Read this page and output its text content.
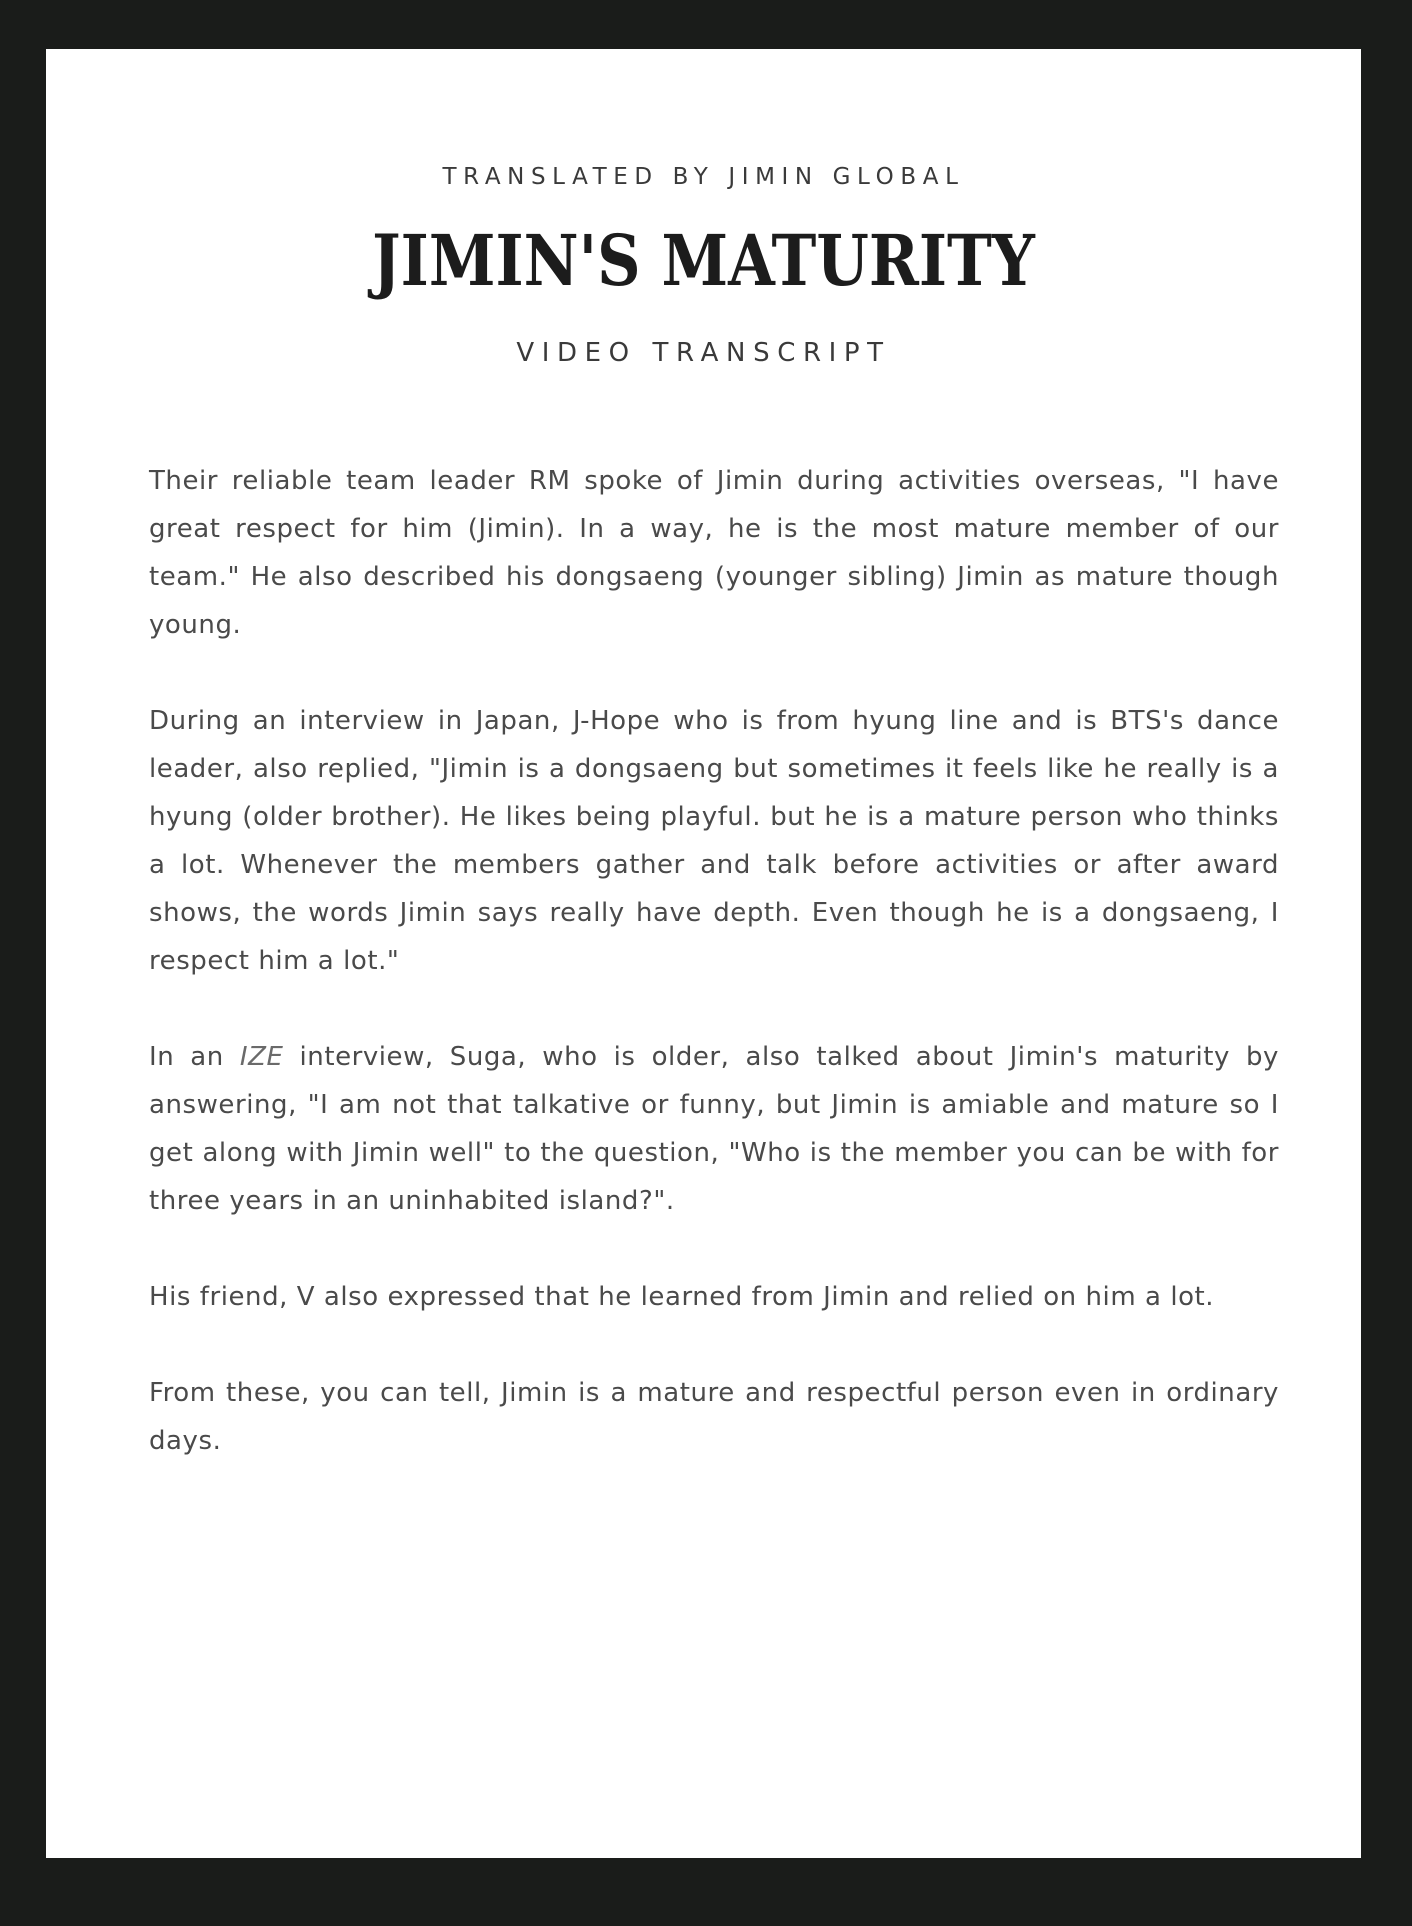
TRANSLATED BY JIMIN GLOBAL

JIMIN'S MATURITY

VIDEO TRANSCRIPT

Their reliable team leader RM spoke of Jimin during activities overseas, "I have great respect for him (Jimin). In a way, he is the most mature member of our team." He also described his dongsaeng (younger sibling) Jimin as mature though young.

During an interview in Japan, J-Hope who is from hyung line and is BTS's dance leader, also replied, "Jimin is a dongsaeng but sometimes it feels like he really is a hyung (older brother). He likes being playful. but he is a mature person who thinks a lot. Whenever the members gather and talk before activities or after award shows, the words Jimin says really have depth. Even though he is a dongsaeng, I respect him a lot."

In an IZE interview, Suga, who is older, also talked about Jimin's maturity by answering, "I am not that talkative or funny, but Jimin is amiable and mature so I get along with Jimin well" to the question, "Who is the member you can be with for three years in an uninhabited island?".

His friend, V also expressed that he learned from Jimin and relied on him a lot.

From these, you can tell, Jimin is a mature and respectful person even in ordinary days.
